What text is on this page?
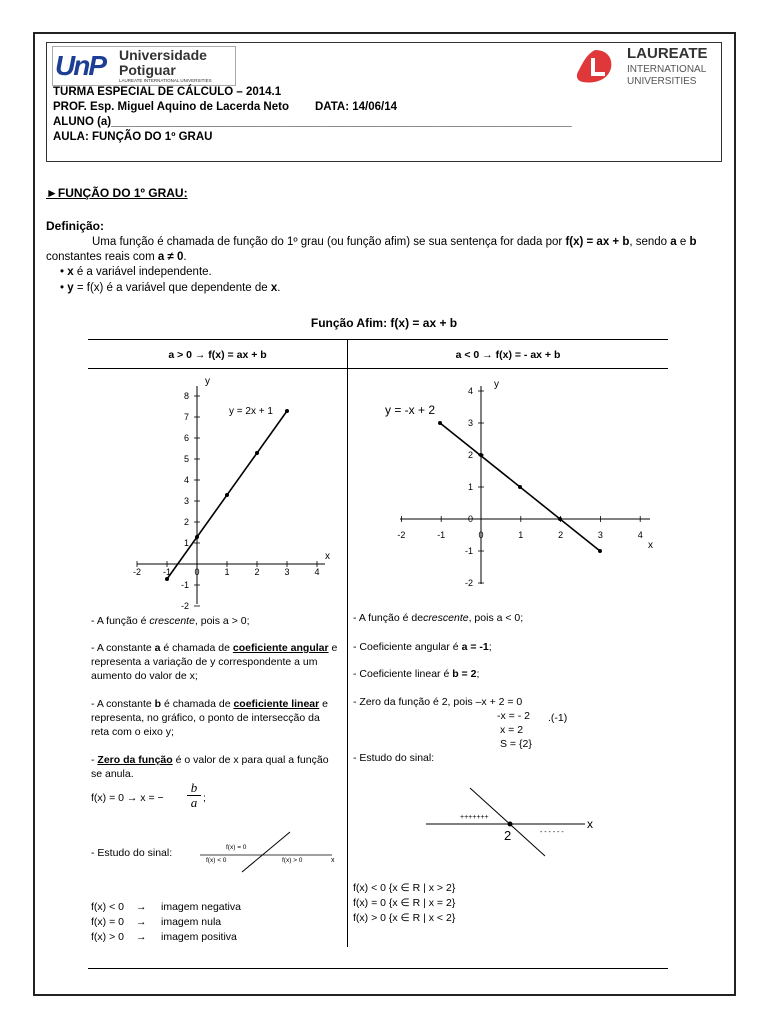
UnP Universidade
Potiguar
LAUREATE INTERNATIONAL UNIVERSITIES
LAUREATE
INTERNATIONAL
UNIVERSITIES
TURMA ESPECIAL DE CÁLCULO – 2014.1
PROF. Esp. Miguel Aquino de Lacerda Neto DATA: 14/06/14
ALUNO (a)________________________________________________________________________
AULA: FUNÇÃO DO 1º GRAU
►FUNÇÃO DO 1º GRAU:
Definição:
Uma função é chamada de função do 1º grau (ou função afim) se sua sentença for dada por f(x) = ax + b, sendo a e b
constantes reais com a ≠ 0.
• x é a variável independente.
• y = f(x) é a variável que dependente de x.
Função Afim: f(x) = ax + b
a > 0 → f(x) = ax + b	a < 0 → f(x) = - ax + b
-2 -1	0	1	2	3	4
8
7
6
5
4
3
2
1
-1
-2
y = 2x + 1
x
y
-2	-1	0	1	2	3	4
4
3
2
1
0
-1
-2
y = -x + 2
x
y
- A função é crescente, pois a > 0;
- A constante a é chamada de coeficiente angular e
representa a variação de y correspondente a um
aumento do valor de x;
- A constante b é chamada de coeficiente linear e
representa, no gráfico, o ponto de intersecção da
reta com o eixo y;
- Zero da função é o valor de x para qual a função
se anula.
f(x) = 0 → x = − $\frac{b}{a}$ ;
- Estudo do sinal:	f(x) = 0
f(x) < 0	f(x) > 0	x
f(x) < 0 → imagem negativa
f(x) = 0 → imagem nula
f(x) > 0 → imagem positiva
- A função é decrescente, pois a < 0;
- Coeficiente angular é a = -1;
- Coeficiente linear é b = 2;
- Zero da função é 2, pois –x + 2 = 0
-x = - 2 .(-1)
x = 2
S = {2}
- Estudo do sinal:
+++++++
- - - - - -
x
2
f(x) < 0 {x ∈ R | x > 2}
f(x) = 0 {x ∈ R | x = 2}
f(x) > 0 {x ∈ R | x < 2}
